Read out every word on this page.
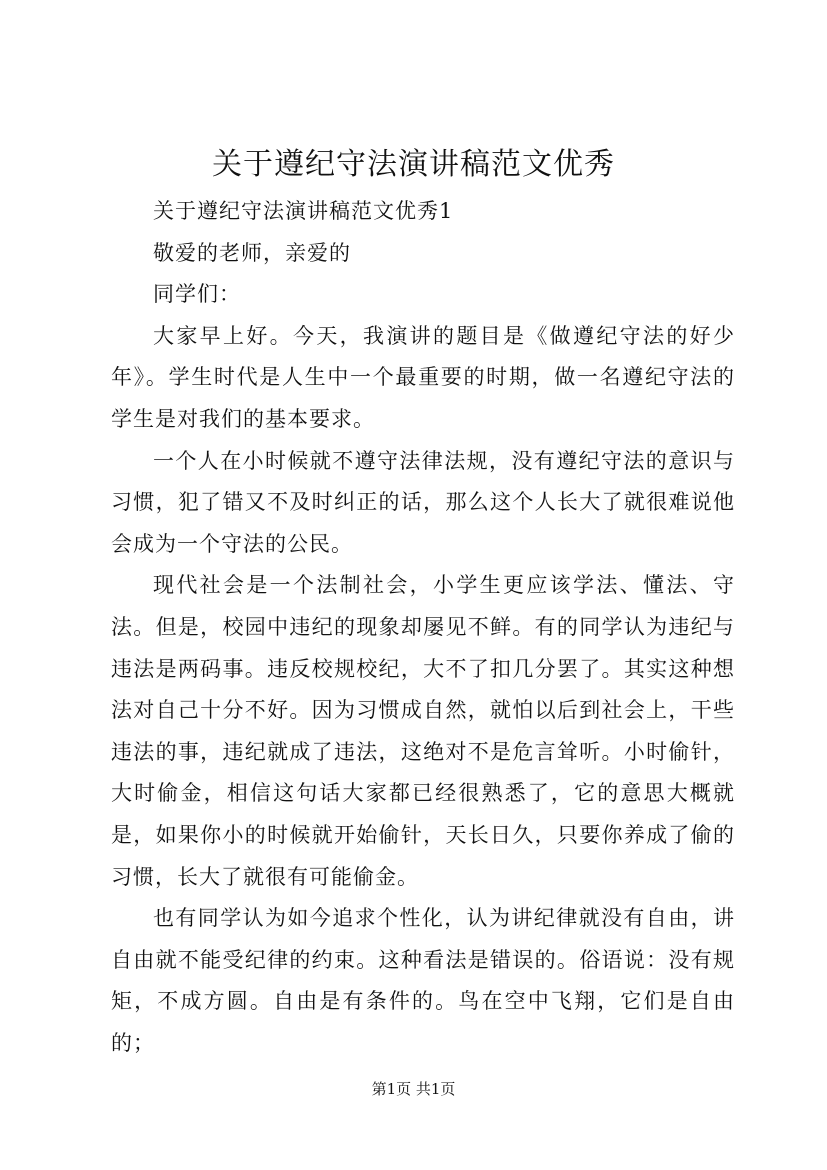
关于遵纪守法演讲稿范文优秀

关于遵纪守法演讲稿范文优秀1

敬爱的老师，亲爱的

同学们：

大家早上好。今天，我演讲的题目是《做遵纪守法的好少年》。学生时代是人生中一个最重要的时期，做一名遵纪守法的学生是对我们的基本要求。

一个人在小时候就不遵守法律法规，没有遵纪守法的意识与习惯，犯了错又不及时纠正的话，那么这个人长大了就很难说他会成为一个守法的公民。

现代社会是一个法制社会，小学生更应该学法、懂法、守法。但是，校园中违纪的现象却屡见不鲜。有的同学认为违纪与违法是两码事。违反校规校纪，大不了扣几分罢了。其实这种想法对自己十分不好。因为习惯成自然，就怕以后到社会上，干些违法的事，违纪就成了违法，这绝对不是危言耸听。小时偷针，大时偷金，相信这句话大家都已经很熟悉了，它的意思大概就是，如果你小的时候就开始偷针，天长日久，只要你养成了偷的习惯，长大了就很有可能偷金。

也有同学认为如今追求个性化，认为讲纪律就没有自由，讲自由就不能受纪律的约束。这种看法是错误的。俗语说：没有规矩，不成方圆。自由是有条件的。鸟在空中飞翔，它们是自由的；

第1页 共1页
